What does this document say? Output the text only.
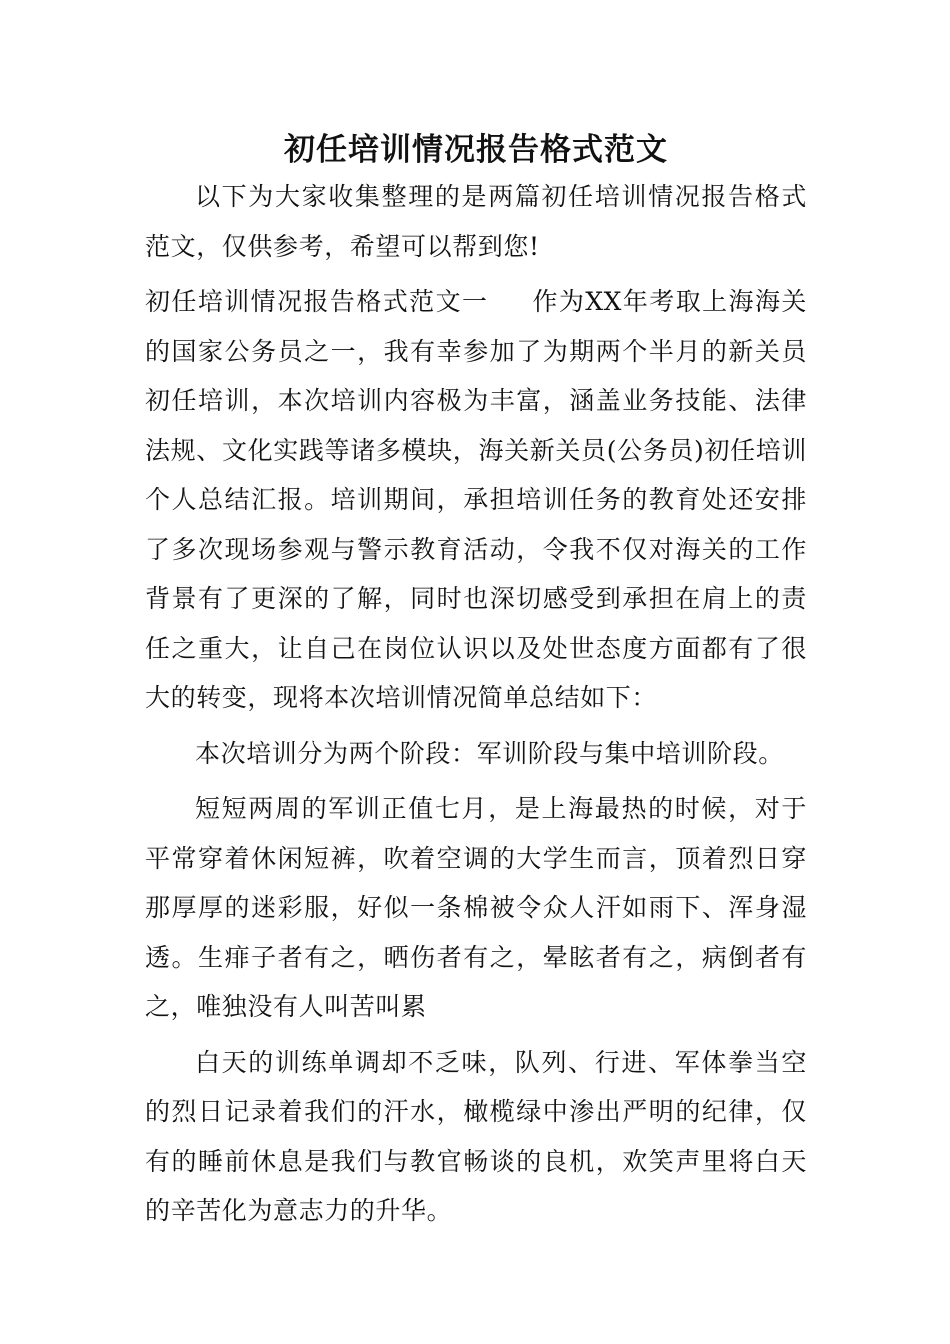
初任培训情况报告格式范文

以下为大家收集整理的是两篇初任培训情况报告格式范文，仅供参考，希望可以帮到您!

初任培训情况报告格式范文一 作为XX年考取上海海关的国家公务员之一，我有幸参加了为期两个半月的新关员初任培训，本次培训内容极为丰富，涵盖业务技能、法律法规、文化实践等诸多模块，海关新关员(公务员)初任培训个人总结汇报。培训期间，承担培训任务的教育处还安排了多次现场参观与警示教育活动，令我不仅对海关的工作背景有了更深的了解，同时也深切感受到承担在肩上的责任之重大，让自己在岗位认识以及处世态度方面都有了很大的转变，现将本次培训情况简单总结如下：

本次培训分为两个阶段：军训阶段与集中培训阶段。

短短两周的军训正值七月，是上海最热的时候，对于平常穿着休闲短裤，吹着空调的大学生而言，顶着烈日穿那厚厚的迷彩服，好似一条棉被令众人汗如雨下、浑身湿透。生痱子者有之，晒伤者有之，晕眩者有之，病倒者有之，唯独没有人叫苦叫累

白天的训练单调却不乏味，队列、行进、军体拳当空的烈日记录着我们的汗水，橄榄绿中渗出严明的纪律，仅有的睡前休息是我们与教官畅谈的良机，欢笑声里将白天的辛苦化为意志力的升华。
